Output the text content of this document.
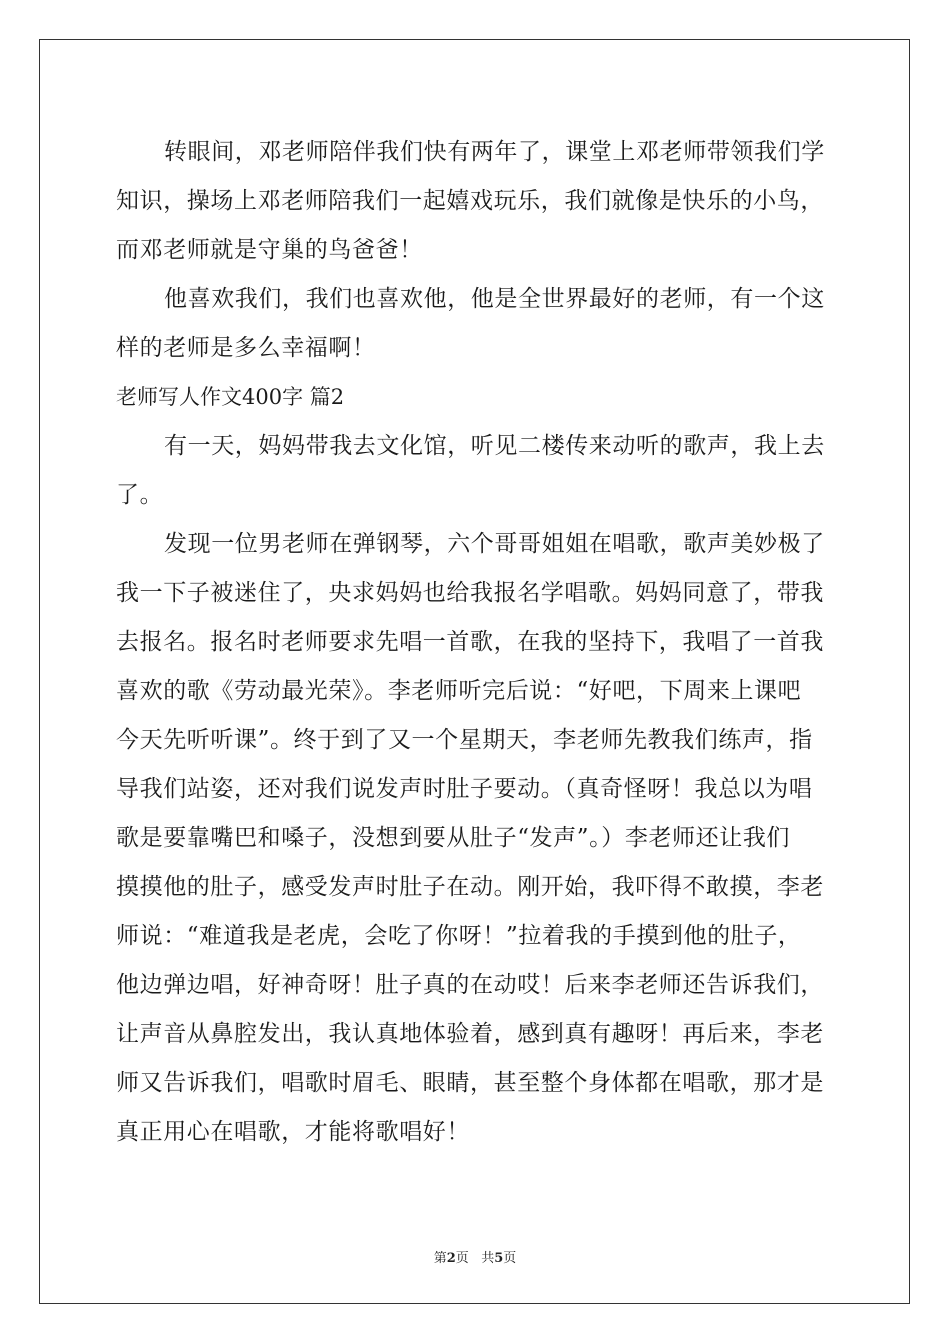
转眼间，邓老师陪伴我们快有两年了，课堂上邓老师带领我们学
知识，操场上邓老师陪我们一起嬉戏玩乐，我们就像是快乐的小鸟，
而邓老师就是守巢的鸟爸爸！
他喜欢我们，我们也喜欢他，他是全世界最好的老师，有一个这
样的老师是多么幸福啊！
老师写人作文400字 篇2
有一天，妈妈带我去文化馆，听见二楼传来动听的歌声，我上去
了。
发现一位男老师在弹钢琴，六个哥哥姐姐在唱歌，歌声美妙极了
我一下子被迷住了，央求妈妈也给我报名学唱歌。妈妈同意了，带我
去报名。报名时老师要求先唱一首歌，在我的坚持下，我唱了一首我
喜欢的歌《劳动最光荣》。李老师听完后说：“好吧，下周来上课吧
今天先听听课”。终于到了又一个星期天，李老师先教我们练声，指
导我们站姿，还对我们说发声时肚子要动。（真奇怪呀！我总以为唱
歌是要靠嘴巴和嗓子，没想到要从肚子“发声”。）李老师还让我们
摸摸他的肚子，感受发声时肚子在动。刚开始，我吓得不敢摸，李老
师说：“难道我是老虎，会吃了你呀！”拉着我的手摸到他的肚子，
他边弹边唱，好神奇呀！肚子真的在动哎！后来李老师还告诉我们，
让声音从鼻腔发出，我认真地体验着，感到真有趣呀！再后来，李老
师又告诉我们，唱歌时眉毛、眼睛，甚至整个身体都在唱歌，那才是
真正用心在唱歌，才能将歌唱好！
第2页 共5页
